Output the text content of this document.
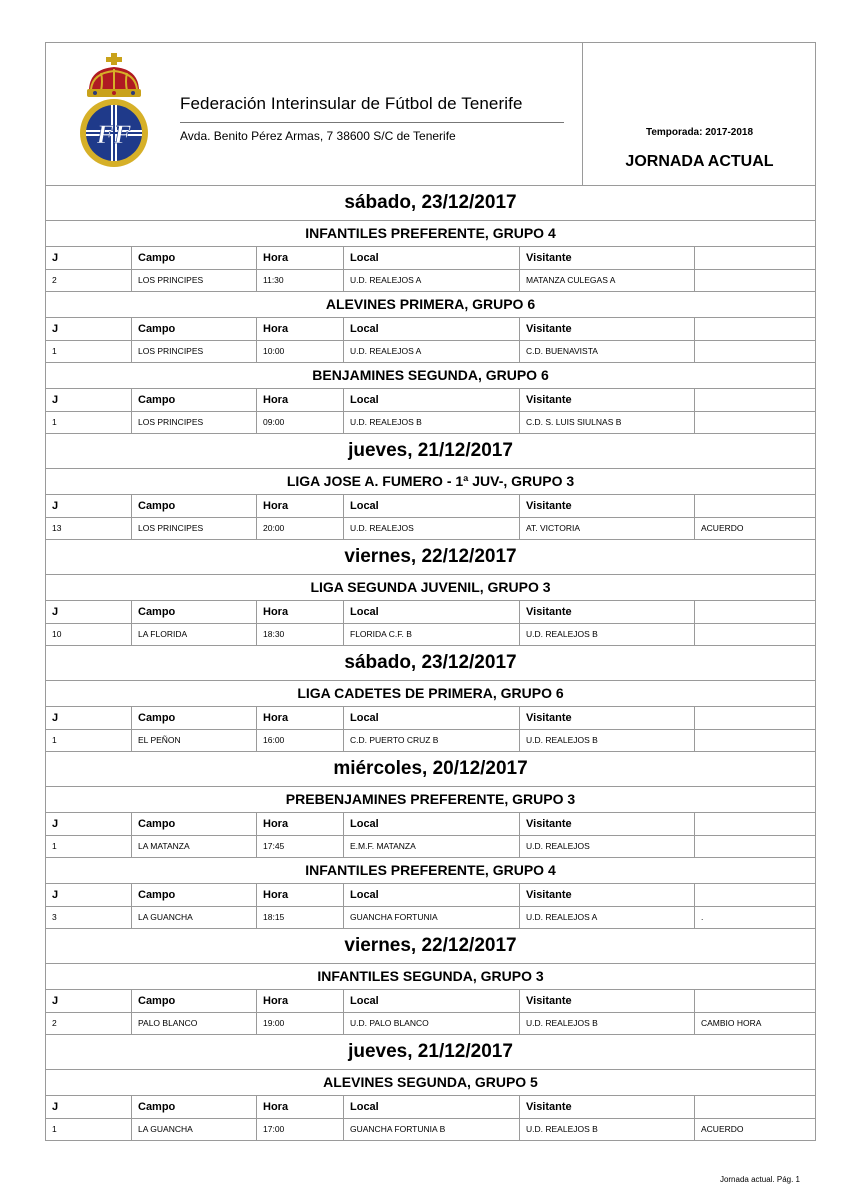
FF
Federación Interinsular de Fútbol de Tenerife
Avda. Benito Pérez Armas, 7 38600 S/C de Tenerife	Temporada: 2017-2018
JORNADA ACTUAL
sábado, 23/12/2017
INFANTILES PREFERENTE, GRUPO 4
J	Campo	Hora	Local	Visitante
2	LOS PRINCIPES	11:30	U.D. REALEJOS A	MATANZA CULEGAS A
ALEVINES PRIMERA, GRUPO 6
J	Campo	Hora	Local	Visitante
1	LOS PRINCIPES	10:00	U.D. REALEJOS A	C.D. BUENAVISTA
BENJAMINES SEGUNDA, GRUPO 6
J	Campo	Hora	Local	Visitante
1	LOS PRINCIPES	09:00	U.D. REALEJOS B	C.D. S. LUIS SIULNAS B
jueves, 21/12/2017
LIGA JOSE A. FUMERO - 1ª JUV-, GRUPO 3
J	Campo	Hora	Local	Visitante
13	LOS PRINCIPES	20:00	U.D. REALEJOS	AT. VICTORIA	ACUERDO
viernes, 22/12/2017
LIGA SEGUNDA JUVENIL, GRUPO 3
J	Campo	Hora	Local	Visitante
10	LA FLORIDA	18:30	FLORIDA C.F. B	U.D. REALEJOS B
sábado, 23/12/2017
LIGA CADETES DE PRIMERA, GRUPO 6
J	Campo	Hora	Local	Visitante
1	EL PEÑON	16:00	C.D. PUERTO CRUZ B	U.D. REALEJOS B
miércoles, 20/12/2017
PREBENJAMINES PREFERENTE, GRUPO 3
J	Campo	Hora	Local	Visitante
1	LA MATANZA	17:45	E.M.F. MATANZA	U.D. REALEJOS
INFANTILES PREFERENTE, GRUPO 4
J	Campo	Hora	Local	Visitante
3	LA GUANCHA	18:15	GUANCHA FORTUNIA	U.D. REALEJOS A	.
viernes, 22/12/2017
INFANTILES SEGUNDA, GRUPO 3
J	Campo	Hora	Local	Visitante
2	PALO BLANCO	19:00	U.D. PALO BLANCO	U.D. REALEJOS B	CAMBIO HORA
jueves, 21/12/2017
ALEVINES SEGUNDA, GRUPO 5
J	Campo	Hora	Local	Visitante
1	LA GUANCHA	17:00	GUANCHA FORTUNIA B	U.D. REALEJOS B	ACUERDO
Jornada actual. Pág. 1
